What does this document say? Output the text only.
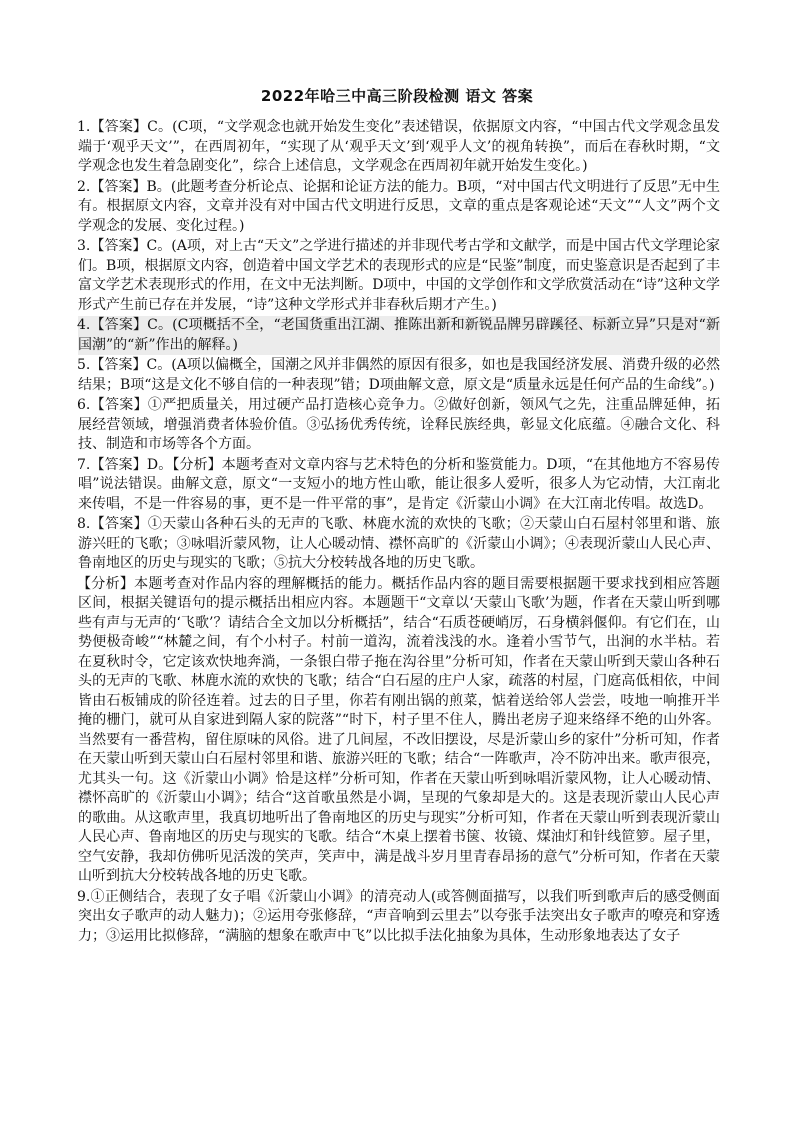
2022年哈三中高三阶段检测 语文 答案

1.【答案】C。(C项，“文学观念也就开始发生变化”表述错误，依据原文内容，“中国古代文学观念虽发端于‘观乎天文’”，在西周初年，“实现了从‘观乎天文’到‘观乎人文’的视角转换”，而后在春秋时期，“文学观念也发生着急剧变化”，综合上述信息，文学观念在西周初年就开始发生变化。)

2.【答案】B。(此题考查分析论点、论据和论证方法的能力。B项，“对中国古代文明进行了反思”无中生有。根据原文内容，文章并没有对中国古代文明进行反思，文章的重点是客观论述“天文”“人文”两个文学观念的发展、变化过程。)

3.【答案】C。(A项，对上古“天文”之学进行描述的并非现代考古学和文献学，而是中国古代文学理论家们。B项，根据原文内容，创造着中国文学艺术的表现形式的应是“民鉴”制度，而史鉴意识是否起到了丰富文学艺术表现形式的作用，在文中无法判断。D项中，中国的文学创作和文学欣赏活动在“诗”这种文学形式产生前已存在并发展，“诗”这种文学形式并非春秋后期才产生。)

4.【答案】C。(C项概括不全，“老国货重出江湖、推陈出新和新锐品牌另辟蹊径、标新立异”只是对“新国潮”的“新”作出的解释。)

5.【答案】C。(A项以偏概全，国潮之风并非偶然的原因有很多，如也是我国经济发展、消费升级的必然结果；B项“这是文化不够自信的一种表现”错；D项曲解文意，原文是“质量永远是任何产品的生命线”。)

6.【答案】①严把质量关，用过硬产品打造核心竞争力。②做好创新，领风气之先，注重品牌延伸，拓展经营领域，增强消费者体验价值。③弘扬优秀传统，诠释民族经典，彰显文化底蕴。④融合文化、科技、制造和市场等各个方面。

7.【答案】D。【分析】本题考查对文章内容与艺术特色的分析和鉴赏能力。D项，“在其他地方不容易传唱”说法错误。曲解文意，原文“一支短小的地方性山歌，能让很多人爱听，很多人为它动情，大江南北来传唱，不是一件容易的事，更不是一件平常的事”，是肯定《沂蒙山小调》在大江南北传唱。故选D。

8.【答案】①天蒙山各种石头的无声的飞歌、林鹿水流的欢快的飞歌；②天蒙山白石屋村邻里和谐、旅游兴旺的飞歌；③咏唱沂蒙风物，让人心暖动情、襟怀高旷的《沂蒙山小调》；④表现沂蒙山人民心声、鲁南地区的历史与现实的飞歌；⑤抗大分校转战各地的历史飞歌。

【分析】本题考查对作品内容的理解概括的能力。概括作品内容的题目需要根据题干要求找到相应答题区间，根据关键语句的提示概括出相应内容。本题题干“文章以‘天蒙山飞歌’为题，作者在天蒙山听到哪些有声与无声的‘飞歌’？请结合全文加以分析概括”，结合“石质苍硬峭厉，石身横斜偃仰。有它们在，山势便极奇峻”“林麓之间，有个小村子。村前一道沟，流着浅浅的水。逢着小雪节气，出涧的水半枯。若在夏秋时令，它定该欢快地奔淌，一条银白带子拖在沟谷里”分析可知，作者在天蒙山听到天蒙山各种石头的无声的飞歌、林鹿水流的欢快的飞歌；结合“白石屋的庄户人家，疏落的村屋，门庭高低相依，中间皆由石板铺成的阶径连着。过去的日子里，你若有刚出锅的煎菜，惦着送给邻人尝尝，吱地一响推开半掩的栅门，就可从自家进到隔人家的院落”“时下，村子里不住人，腾出老房子迎来络绎不绝的山外客。当然要有一番营构，留住原味的风俗。进了几间屋，不改旧摆设，尽是沂蒙山乡的家什”分析可知，作者在天蒙山听到天蒙山白石屋村邻里和谐、旅游兴旺的飞歌；结合“一阵歌声，冷不防冲出来。歌声很亮，尤其头一句。这《沂蒙山小调》恰是这样”分析可知，作者在天蒙山听到咏唱沂蒙风物，让人心暖动情、襟怀高旷的《沂蒙山小调》；结合“这首歌虽然是小调，呈现的气象却是大的。这是表现沂蒙山人民心声的歌曲。从这歌声里，我真切地听出了鲁南地区的历史与现实”分析可知，作者在天蒙山听到表现沂蒙山人民心声、鲁南地区的历史与现实的飞歌。结合“木桌上摆着书箧、妆镜、煤油灯和针线笸箩。屋子里，空气安静，我却仿佛听见活泼的笑声，笑声中，满是战斗岁月里青春昂扬的意气”分析可知，作者在天蒙山听到抗大分校转战各地的历史飞歌。

9.①正侧结合，表现了女子唱《沂蒙山小调》的清亮动人(或答侧面描写，以我们听到歌声后的感受侧面突出女子歌声的动人魅力)；②运用夸张修辞，“声音响到云里去”以夸张手法突出女子歌声的嘹亮和穿透力；③运用比拟修辞，“满脑的想象在歌声中飞”以比拟手法化抽象为具体，生动形象地表达了女子
